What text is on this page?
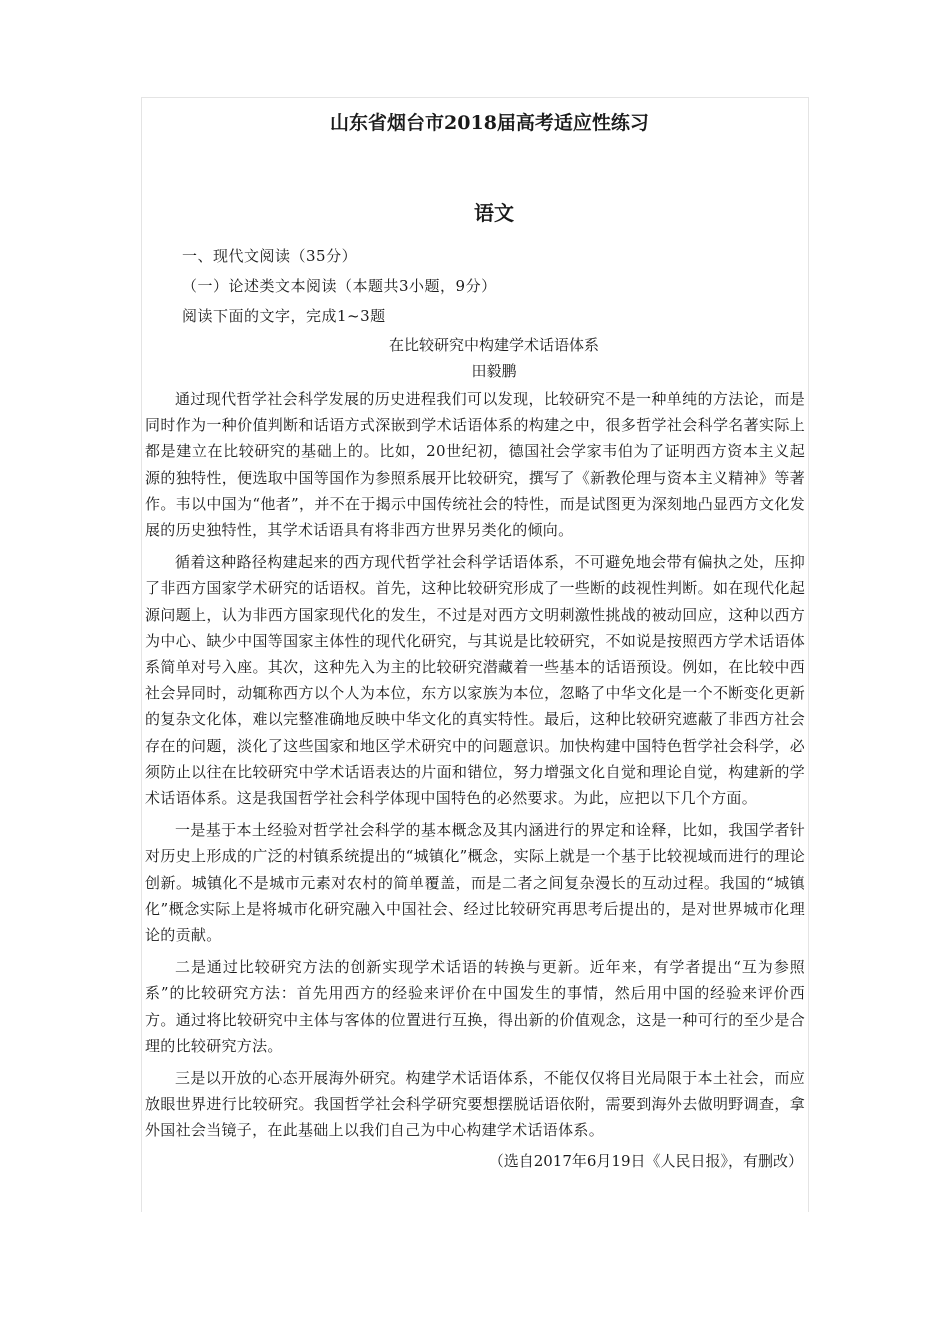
山东省烟台市2018届高考适应性练习
语文
一、现代文阅读（35分）
（一）论述类文本阅读（本题共3小题，9分）
阅读下面的文字，完成1~3题
在比较研究中构建学术话语体系
田毅鹏

通过现代哲学社会科学发展的历史进程我们可以发现，比较研究不是一种单纯的方法论，而是同时作为一种价值判断和话语方式深嵌到学术话语体系的构建之中，很多哲学社会科学名著实际上都是建立在比较研究的基础上的。比如，20世纪初，德国社会学家韦伯为了证明西方资本主义起源的独特性，便选取中国等国作为参照系展开比较研究，撰写了《新教伦理与资本主义精神》等著作。韦以中国为“他者”，并不在于揭示中国传统社会的特性，而是试图更为深刻地凸显西方文化发展的历史独特性，其学术话语具有将非西方世界另类化的倾向。

循着这种路径构建起来的西方现代哲学社会科学话语体系，不可避免地会带有偏执之处，压抑了非西方国家学术研究的话语权。首先，这种比较研究形成了一些断的歧视性判断。如在现代化起源问题上，认为非西方国家现代化的发生，不过是对西方文明刺激性挑战的被动回应，这种以西方为中心、缺少中国等国家主体性的现代化研究，与其说是比较研究，不如说是按照西方学术话语体系简单对号入座。其次，这种先入为主的比较研究潜藏着一些基本的话语预设。例如，在比较中西社会异同时，动辄称西方以个人为本位，东方以家族为本位，忽略了中华文化是一个不断变化更新的复杂文化体，难以完整准确地反映中华文化的真实特性。最后，这种比较研究遮蔽了非西方社会存在的问题，淡化了这些国家和地区学术研究中的问题意识。加快构建中国特色哲学社会科学，必须防止以往在比较研究中学术话语表达的片面和错位，努力增强文化自觉和理论自觉，构建新的学术话语体系。这是我国哲学社会科学体现中国特色的必然要求。为此，应把以下几个方面。

一是基于本土经验对哲学社会科学的基本概念及其内涵进行的界定和诠释，比如，我国学者针对历史上形成的广泛的村镇系统提出的“城镇化”概念，实际上就是一个基于比较视域而进行的理论创新。城镇化不是城市元素对农村的简单覆盖，而是二者之间复杂漫长的互动过程。我国的“城镇化”概念实际上是将城市化研究融入中国社会、经过比较研究再思考后提出的，是对世界城市化理论的贡献。

二是通过比较研究方法的创新实现学术话语的转换与更新。近年来，有学者提出“互为参照系”的比较研究方法：首先用西方的经验来评价在中国发生的事情，然后用中国的经验来评价西方。通过将比较研究中主体与客体的位置进行互换，得出新的价值观念，这是一种可行的至少是合理的比较研究方法。

三是以开放的心态开展海外研究。构建学术话语体系，不能仅仅将目光局限于本土社会，而应放眼世界进行比较研究。我国哲学社会科学研究要想摆脱话语依附，需要到海外去做明野调查，拿外国社会当镜子，在此基础上以我们自己为中心构建学术话语体系。

（选自2017年6月19日《人民日报》，有删改）
